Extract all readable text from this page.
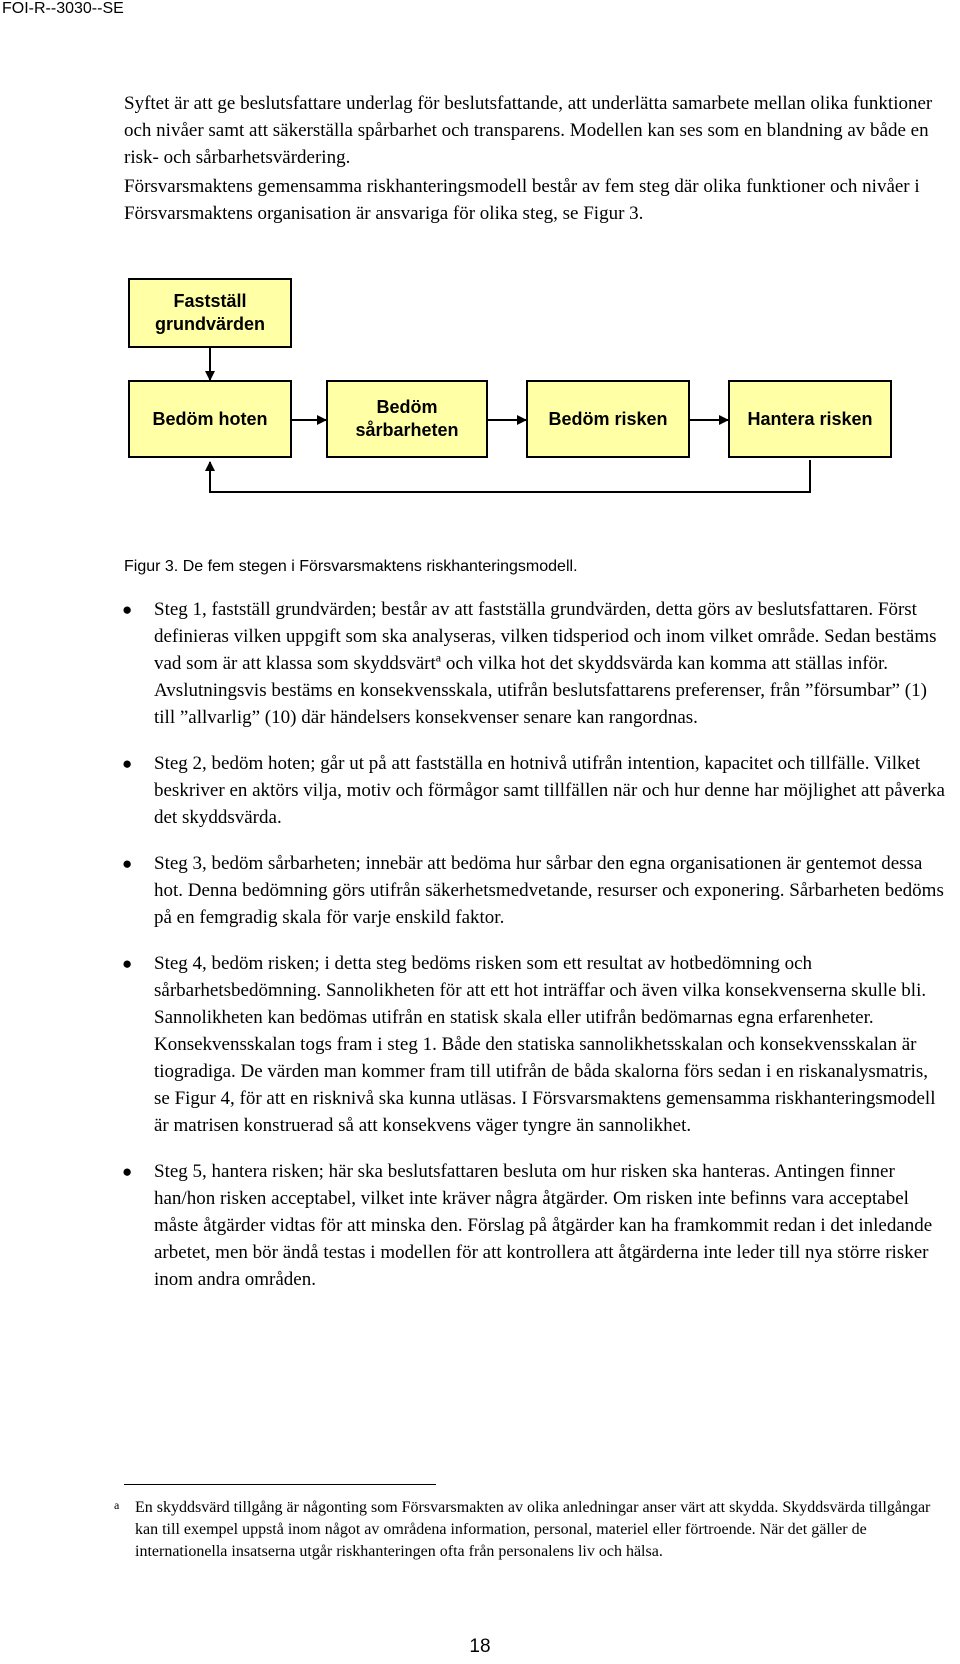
FOI-R--3030--SE

Syftet är att ge beslutsfattare underlag för beslutsfattande, att underlätta samarbete mellan olika funktioner och nivåer samt att säkerställa spårbarhet och transparens. Modellen kan ses som en blandning av både en risk- och sårbarhetsvärdering.

Försvarsmaktens gemensamma riskhanteringsmodell består av fem steg där olika funktioner och nivåer i Försvarsmaktens organisation är ansvariga för olika steg, se Figur 3.

Fastställ grundvärden
Bedöm hoten
Bedöm sårbarheten
Bedöm risken	Hantera risken
Figur 3. De fem stegen i Försvarsmaktens riskhanteringsmodell.
● Steg 1, fastställ grundvärden; består av att fastställa grundvärden, detta görs av beslutsfattaren. Först definieras vilken uppgift som ska analyseras, vilken tidsperiod och inom vilket område. Sedan bestäms vad som är att klassa som skyddsvärt$^a$ och vilka hot det skyddsvärda kan komma att ställas inför. Avslutningsvis bestäms en konsekvensskala, utifrån beslutsfattarens preferenser, från ”försumbar” (1) till ”allvarlig” (10) där händelsers konsekvenser senare kan rangordnas.
● Steg 2, bedöm hoten; går ut på att fastställa en hotnivå utifrån intention, kapacitet och tillfälle. Vilket beskriver en aktörs vilja, motiv och förmågor samt tillfällen när och hur denne har möjlighet att påverka det skyddsvärda.
● Steg 3, bedöm sårbarheten; innebär att bedöma hur sårbar den egna organisationen är gentemot dessa hot. Denna bedömning görs utifrån säkerhetsmedvetande, resurser och exponering. Sårbarheten bedöms på en femgradig skala för varje enskild faktor.
● Steg 4, bedöm risken; i detta steg bedöms risken som ett resultat av hotbedömning och sårbarhetsbedömning. Sannolikheten för att ett hot inträffar och även vilka konsekvenserna skulle bli. Sannolikheten kan bedömas utifrån en statisk skala eller utifrån bedömarnas egna erfarenheter. Konsekvensskalan togs fram i steg 1. Både den statiska sannolikhetsskalan och konsekvensskalan är tiogradiga. De värden man kommer fram till utifrån de båda skalorna förs sedan i en riskanalysmatris, se Figur 4, för att en risknivå ska kunna utläsas. I Försvarsmaktens gemensamma riskhanteringsmodell är matrisen konstruerad så att konsekvens väger tyngre än sannolikhet.
● Steg 5, hantera risken; här ska beslutsfattaren besluta om hur risken ska hanteras. Antingen finner han/hon risken acceptabel, vilket inte kräver några åtgärder. Om risken inte befinns vara acceptabel måste åtgärder vidtas för att minska den. Förslag på åtgärder kan ha framkommit redan i det inledande arbetet, men bör ändå testas i modellen för att kontrollera att åtgärderna inte leder till nya större risker inom andra områden.
a En skyddsvärd tillgång är någonting som Försvarsmakten av olika anledningar anser värt att skydda. Skyddsvärda tillgångar kan till exempel uppstå inom något av områdena information, personal, materiel eller förtroende. När det gäller de internationella insatserna utgår riskhanteringen ofta från personalens liv och hälsa.
18
